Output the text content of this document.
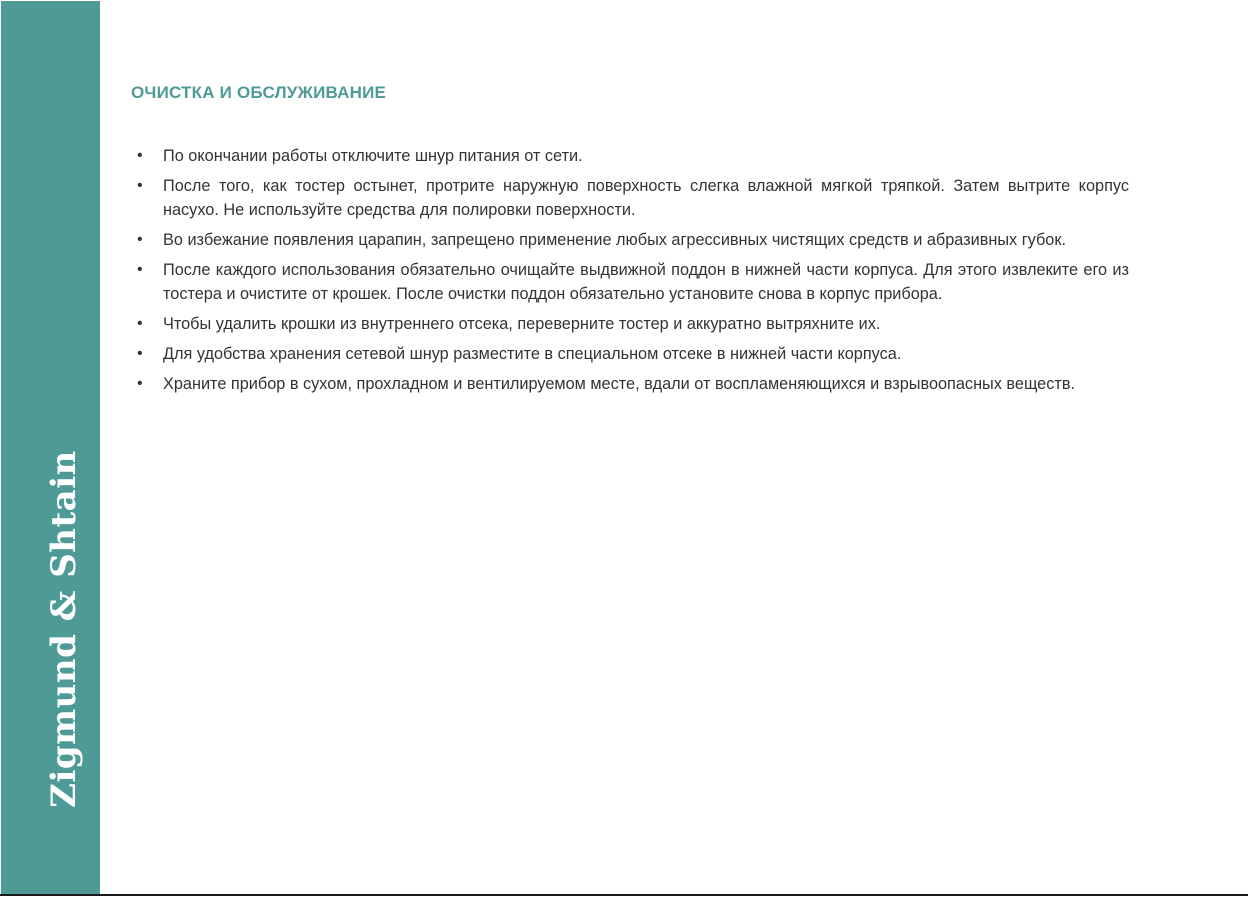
Zigmund & Shtain
ОЧИСТКА И ОБСЛУЖИВАНИЕ
• По окончании работы отключите шнур питания от сети.
• После того, как тостер остынет, протрите наружную поверхность слегка влажной мягкой тряпкой. Затем вытрите корпус насухо. Не используйте средства для полировки поверхности.
• Во избежание появления царапин, запрещено применение любых агрессивных чистящих средств и абразивных губок.
• После каждого использования обязательно очищайте выдвижной поддон в нижней части корпуса. Для этого извлеките его из тостера и очистите от крошек. После очистки поддон обязательно установите снова в корпус прибора.
• Чтобы удалить крошки из внутреннего отсека, переверните тостер и аккуратно вытряхните их.
• Для удобства хранения сетевой шнур разместите в специальном отсеке в нижней части корпуса.
• Храните прибор в сухом, прохладном и вентилируемом месте, вдали от воспламеняющихся и взрывоопасных веществ.
